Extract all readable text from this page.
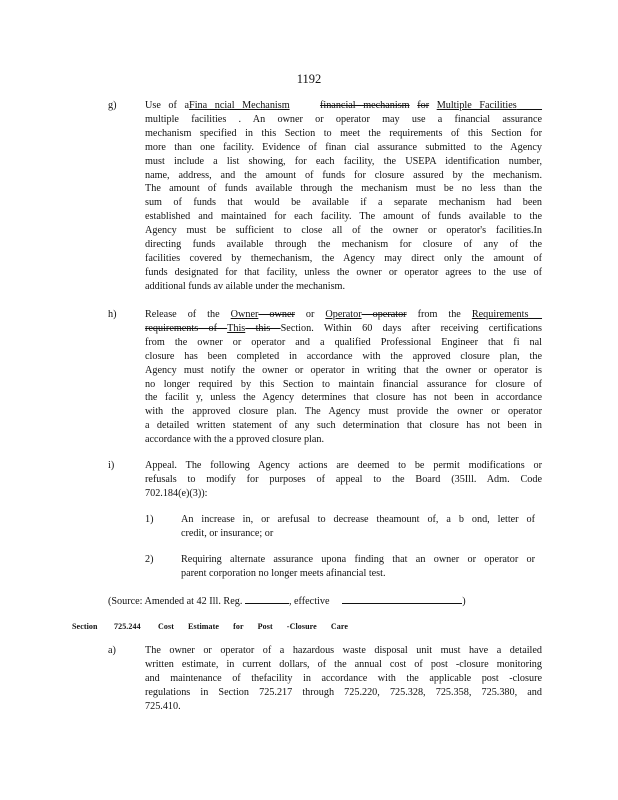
1192
g)	Use of aFina ncial Mechanism	financial mechanism for Multiple Facilities
multiple facilities . An owner or operator may use a financial assurance
mechanism specified in this Section to meet the requirements of this Section for
more than one facility. Evidence of finan cial assurance submitted to the Agency
must include a list showing, for each facility, the USEPA identification number,
name, address, and the amount of funds for closure assured by the mechanism.
The amount of funds available through the mechanism must be no less than the
sum of funds that would be available if a separate mechanism had been
established and maintained for each facility. The amount of funds available to the
Agency must be sufficient to close all of the owner or operator's facilities.In
directing funds available through the mechanism for closure of any of the
facilities covered by themechanism, the Agency may direct only the amount of
funds designated for that facility, unless the owner or operator agrees to the use of
additional funds av ailable under the mechanism.
h)	Release of the Owner owner or Operator operator from the Requirements
requirements of This this Section. Within 60 days after receiving certifications
from the owner or operator and a qualified Professional Engineer that fi nal
closure has been completed in accordance with the approved closure plan, the
Agency must notify the owner or operator in writing that the owner or operator is
no longer required by this Section to maintain financial assurance for closure of
the facilit y, unless the Agency determines that closure has not been in accordance
with the approved closure plan. The Agency must provide the owner or operator
a detailed written statement of any such determination that closure has not been in
accordance with the a pproved closure plan.
i)	Appeal. The following Agency actions are deemed to be permit modifications or
refusals to modify for purposes of appeal to the Board (35Ill. Adm. Code
702.184(e)(3)):
1)	An increase in, or arefusal to decrease theamount of, a b ond, letter of
credit, or insurance; or
2)	Requiring alternate assurance upona finding that an owner or operator or
parent corporation no longer meets afinancial test.
(Source: Amended at 42 Ill. Reg.	, effective	)
Section 725.244 Cost Estimate for Post -Closure Care
a)	The owner or operator of a hazardous waste disposal unit must have a detailed
written estimate, in current dollars, of the annual cost of post -closure monitoring
and maintenance of thefacility in accordance with the applicable post -closure
regulations in Section 725.217 through 725.220, 725.328, 725.358, 725.380, and
725.410.
